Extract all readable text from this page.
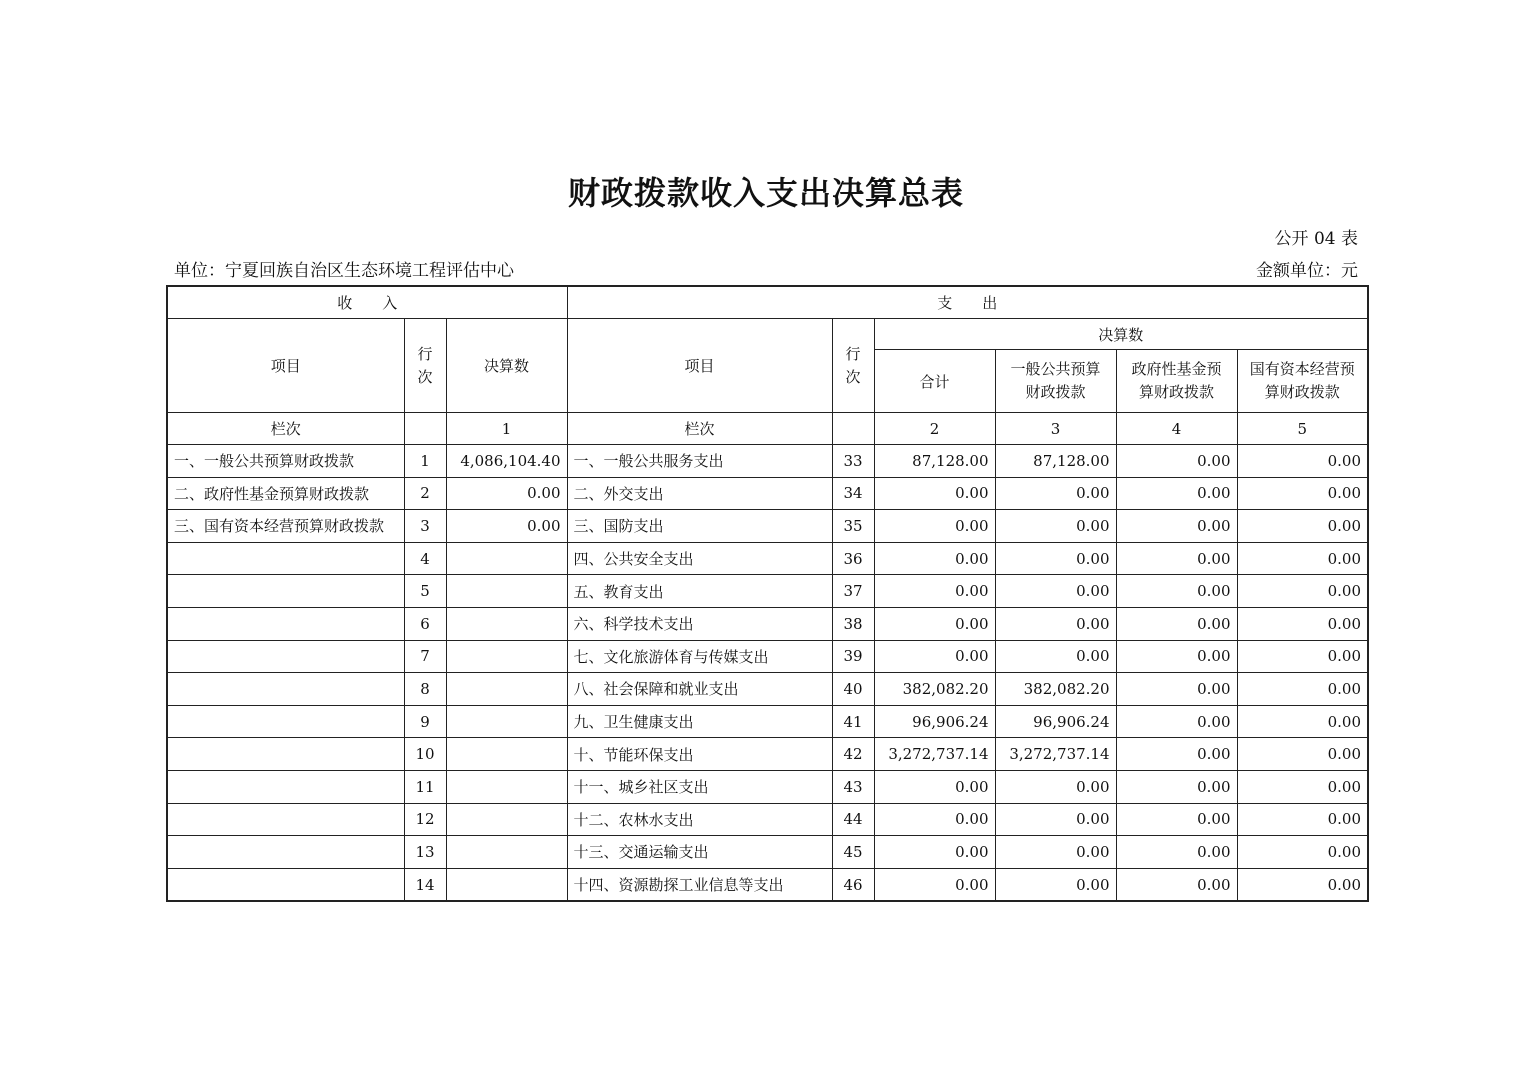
财政拨款收入支出决算总表
公开 04 表
单位：宁夏回族自治区生态环境工程评估中心	金额单位：元
收　　入			支　　出					
项目	行次	决算数	项目	行次	决算数			
					合计	一般公共预算财政拨款	政府性基金预算财政拨款	国有资本经营预算财政拨款
栏次		1	栏次		2	3	4	5
一、一般公共预算财政拨款	1	4,086,104.40	一、一般公共服务支出	33	87,128.00	87,128.00	0.00	0.00
二、政府性基金预算财政拨款	2	0.00	二、外交支出	34	0.00	0.00	0.00	0.00
三、国有资本经营预算财政拨款	3	0.00	三、国防支出	35	0.00	0.00	0.00	0.00
	4		四、公共安全支出	36	0.00	0.00	0.00	0.00
	5		五、教育支出	37	0.00	0.00	0.00	0.00
	6		六、科学技术支出	38	0.00	0.00	0.00	0.00
	7		七、文化旅游体育与传媒支出	39	0.00	0.00	0.00	0.00
	8		八、社会保障和就业支出	40	382,082.20	382,082.20	0.00	0.00
	9		九、卫生健康支出	41	96,906.24	96,906.24	0.00	0.00
	10		十、节能环保支出	42	3,272,737.14	3,272,737.14	0.00	0.00
	11		十一、城乡社区支出	43	0.00	0.00	0.00	0.00
	12		十二、农林水支出	44	0.00	0.00	0.00	0.00
	13		十三、交通运输支出	45	0.00	0.00	0.00	0.00
	14		十四、资源勘探工业信息等支出	46	0.00	0.00	0.00	0.00
